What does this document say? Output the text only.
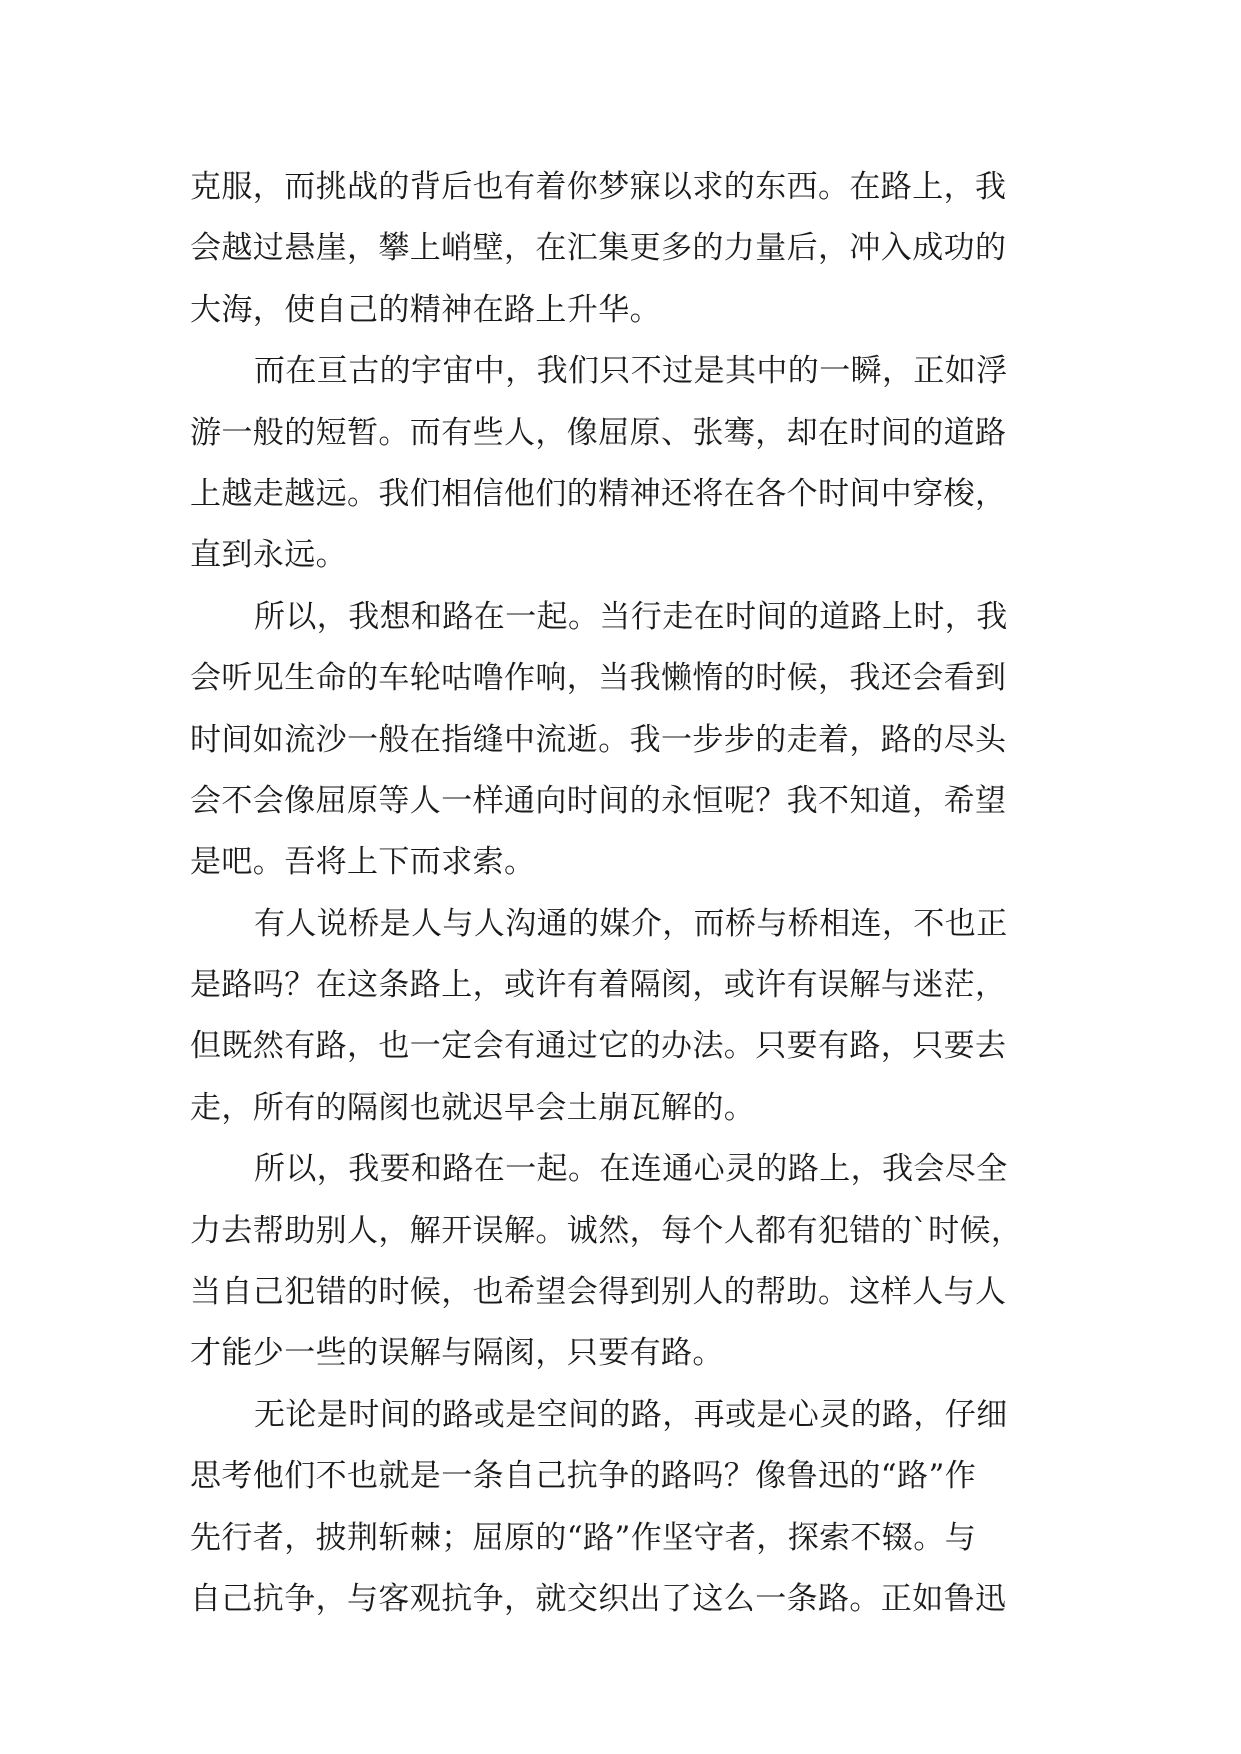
克服，而挑战的背后也有着你梦寐以求的东西。在路上，我
会越过悬崖，攀上峭壁，在汇集更多的力量后，冲入成功的
大海，使自己的精神在路上升华。
而在亘古的宇宙中，我们只不过是其中的一瞬，正如浮
游一般的短暂。而有些人，像屈原、张骞，却在时间的道路
上越走越远。我们相信他们的精神还将在各个时间中穿梭，
直到永远。
所以，我想和路在一起。当行走在时间的道路上时，我
会听见生命的车轮咕噜作响，当我懒惰的时候，我还会看到
时间如流沙一般在指缝中流逝。我一步步的走着，路的尽头
会不会像屈原等人一样通向时间的永恒呢？我不知道，希望
是吧。吾将上下而求索。
有人说桥是人与人沟通的媒介，而桥与桥相连，不也正
是路吗？在这条路上，或许有着隔阂，或许有误解与迷茫，
但既然有路，也一定会有通过它的办法。只要有路，只要去
走，所有的隔阂也就迟早会土崩瓦解的。
所以，我要和路在一起。在连通心灵的路上，我会尽全
力去帮助别人，解开误解。诚然，每个人都有犯错的`时候，
当自己犯错的时候，也希望会得到别人的帮助。这样人与人
才能少一些的误解与隔阂，只要有路。
无论是时间的路或是空间的路，再或是心灵的路，仔细
思考他们不也就是一条自己抗争的路吗？像鲁迅的“路”作
先行者，披荆斩棘；屈原的“路”作坚守者，探索不辍。与
自己抗争，与客观抗争，就交织出了这么一条路。正如鲁迅
